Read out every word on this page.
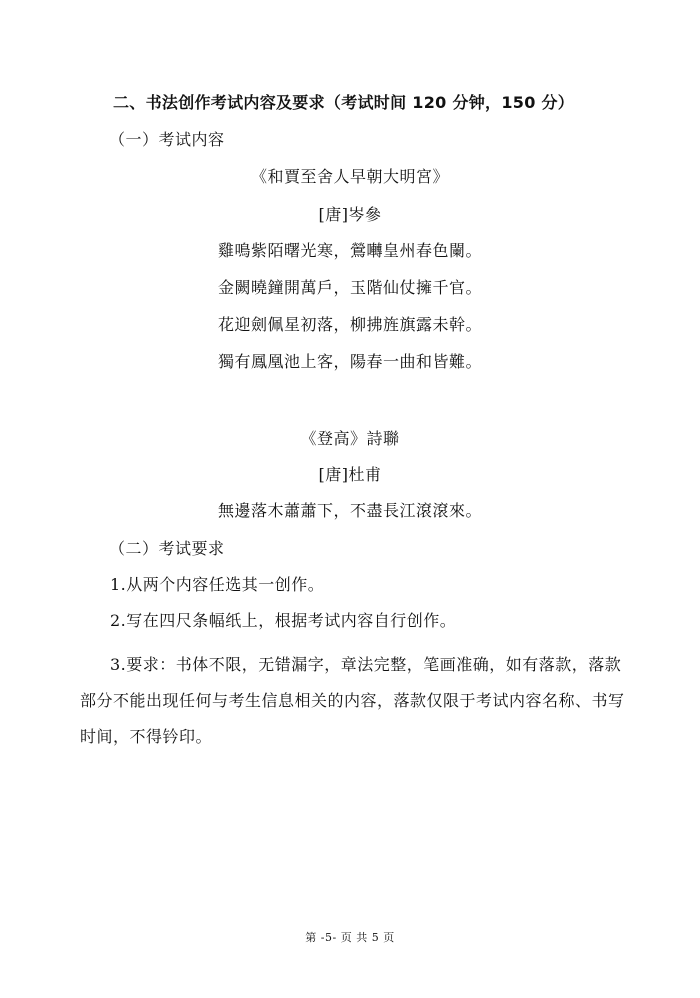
二、书法创作考试内容及要求（考试时间 120 分钟，150 分）
（一）考试内容
《和賈至舍人早朝大明宮》
[唐]岑參
雞鳴紫陌曙光寒，鶯囀皇州春色闌。
金闕曉鐘開萬戶，玉階仙仗擁千官。
花迎劍佩星初落，柳拂旌旗露未幹。
獨有鳳凰池上客，陽春一曲和皆難。
《登高》詩聯
[唐]杜甫
無邊落木蕭蕭下，不盡長江滾滾來。
（二）考试要求
1.从两个内容任选其一创作。
2.写在四尺条幅纸上，根据考试内容自行创作。
3.要求：书体不限，无错漏字，章法完整，笔画准确，如有落款，落款部分不能出现任何与考生信息相关的内容，落款仅限于考试内容名称、书写时间，不得钤印。
第 -5- 页 共 5 页
